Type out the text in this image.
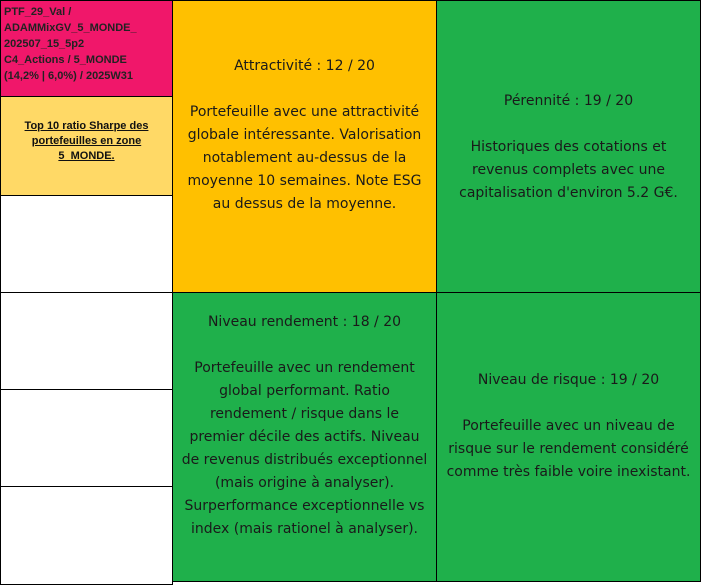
PTF_29_Val /
ADAMMixGV_5_MONDE_
202507_15_5p2
C4_Actions / 5_MONDE
(14,2% | 6,0%) / 2025W31
Top 10 ratio Sharpe des portefeuilles en zone 5_MONDE.
Attractivité : 12 / 20
Portefeuille avec une attractivité globale intéressante. Valorisation notablement au-dessus de la moyenne 10 semaines. Note ESG au dessus de la moyenne.
Pérennité : 19 / 20
Historiques des cotations et revenus complets avec une capitalisation d'environ 5.2 G€.
Niveau rendement : 18 / 20
Portefeuille avec un rendement global performant. Ratio rendement / risque dans le premier décile des actifs. Niveau de revenus distribués exceptionnel (mais origine à analyser). Surperformance exceptionnelle vs index (mais rationel à analyser).
Niveau de risque : 19 / 20
Portefeuille avec un niveau de risque sur le rendement considéré comme très faible voire inexistant.
